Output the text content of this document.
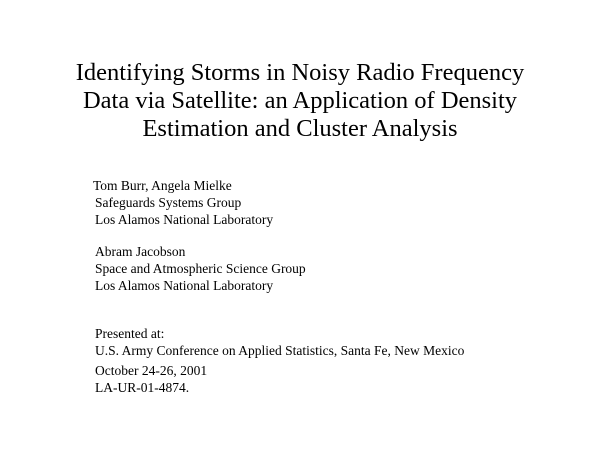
Identifying Storms in Noisy Radio Frequency
Data via Satellite: an Application of Density
Estimation and Cluster Analysis
Tom Burr, Angela Mielke
Safeguards Systems Group
Los Alamos National Laboratory
Abram Jacobson
Space and Atmospheric Science Group
Los Alamos National Laboratory
Presented at:
U.S. Army Conference on Applied Statistics, Santa Fe, New Mexico
October 24-26, 2001
LA-UR-01-4874.
